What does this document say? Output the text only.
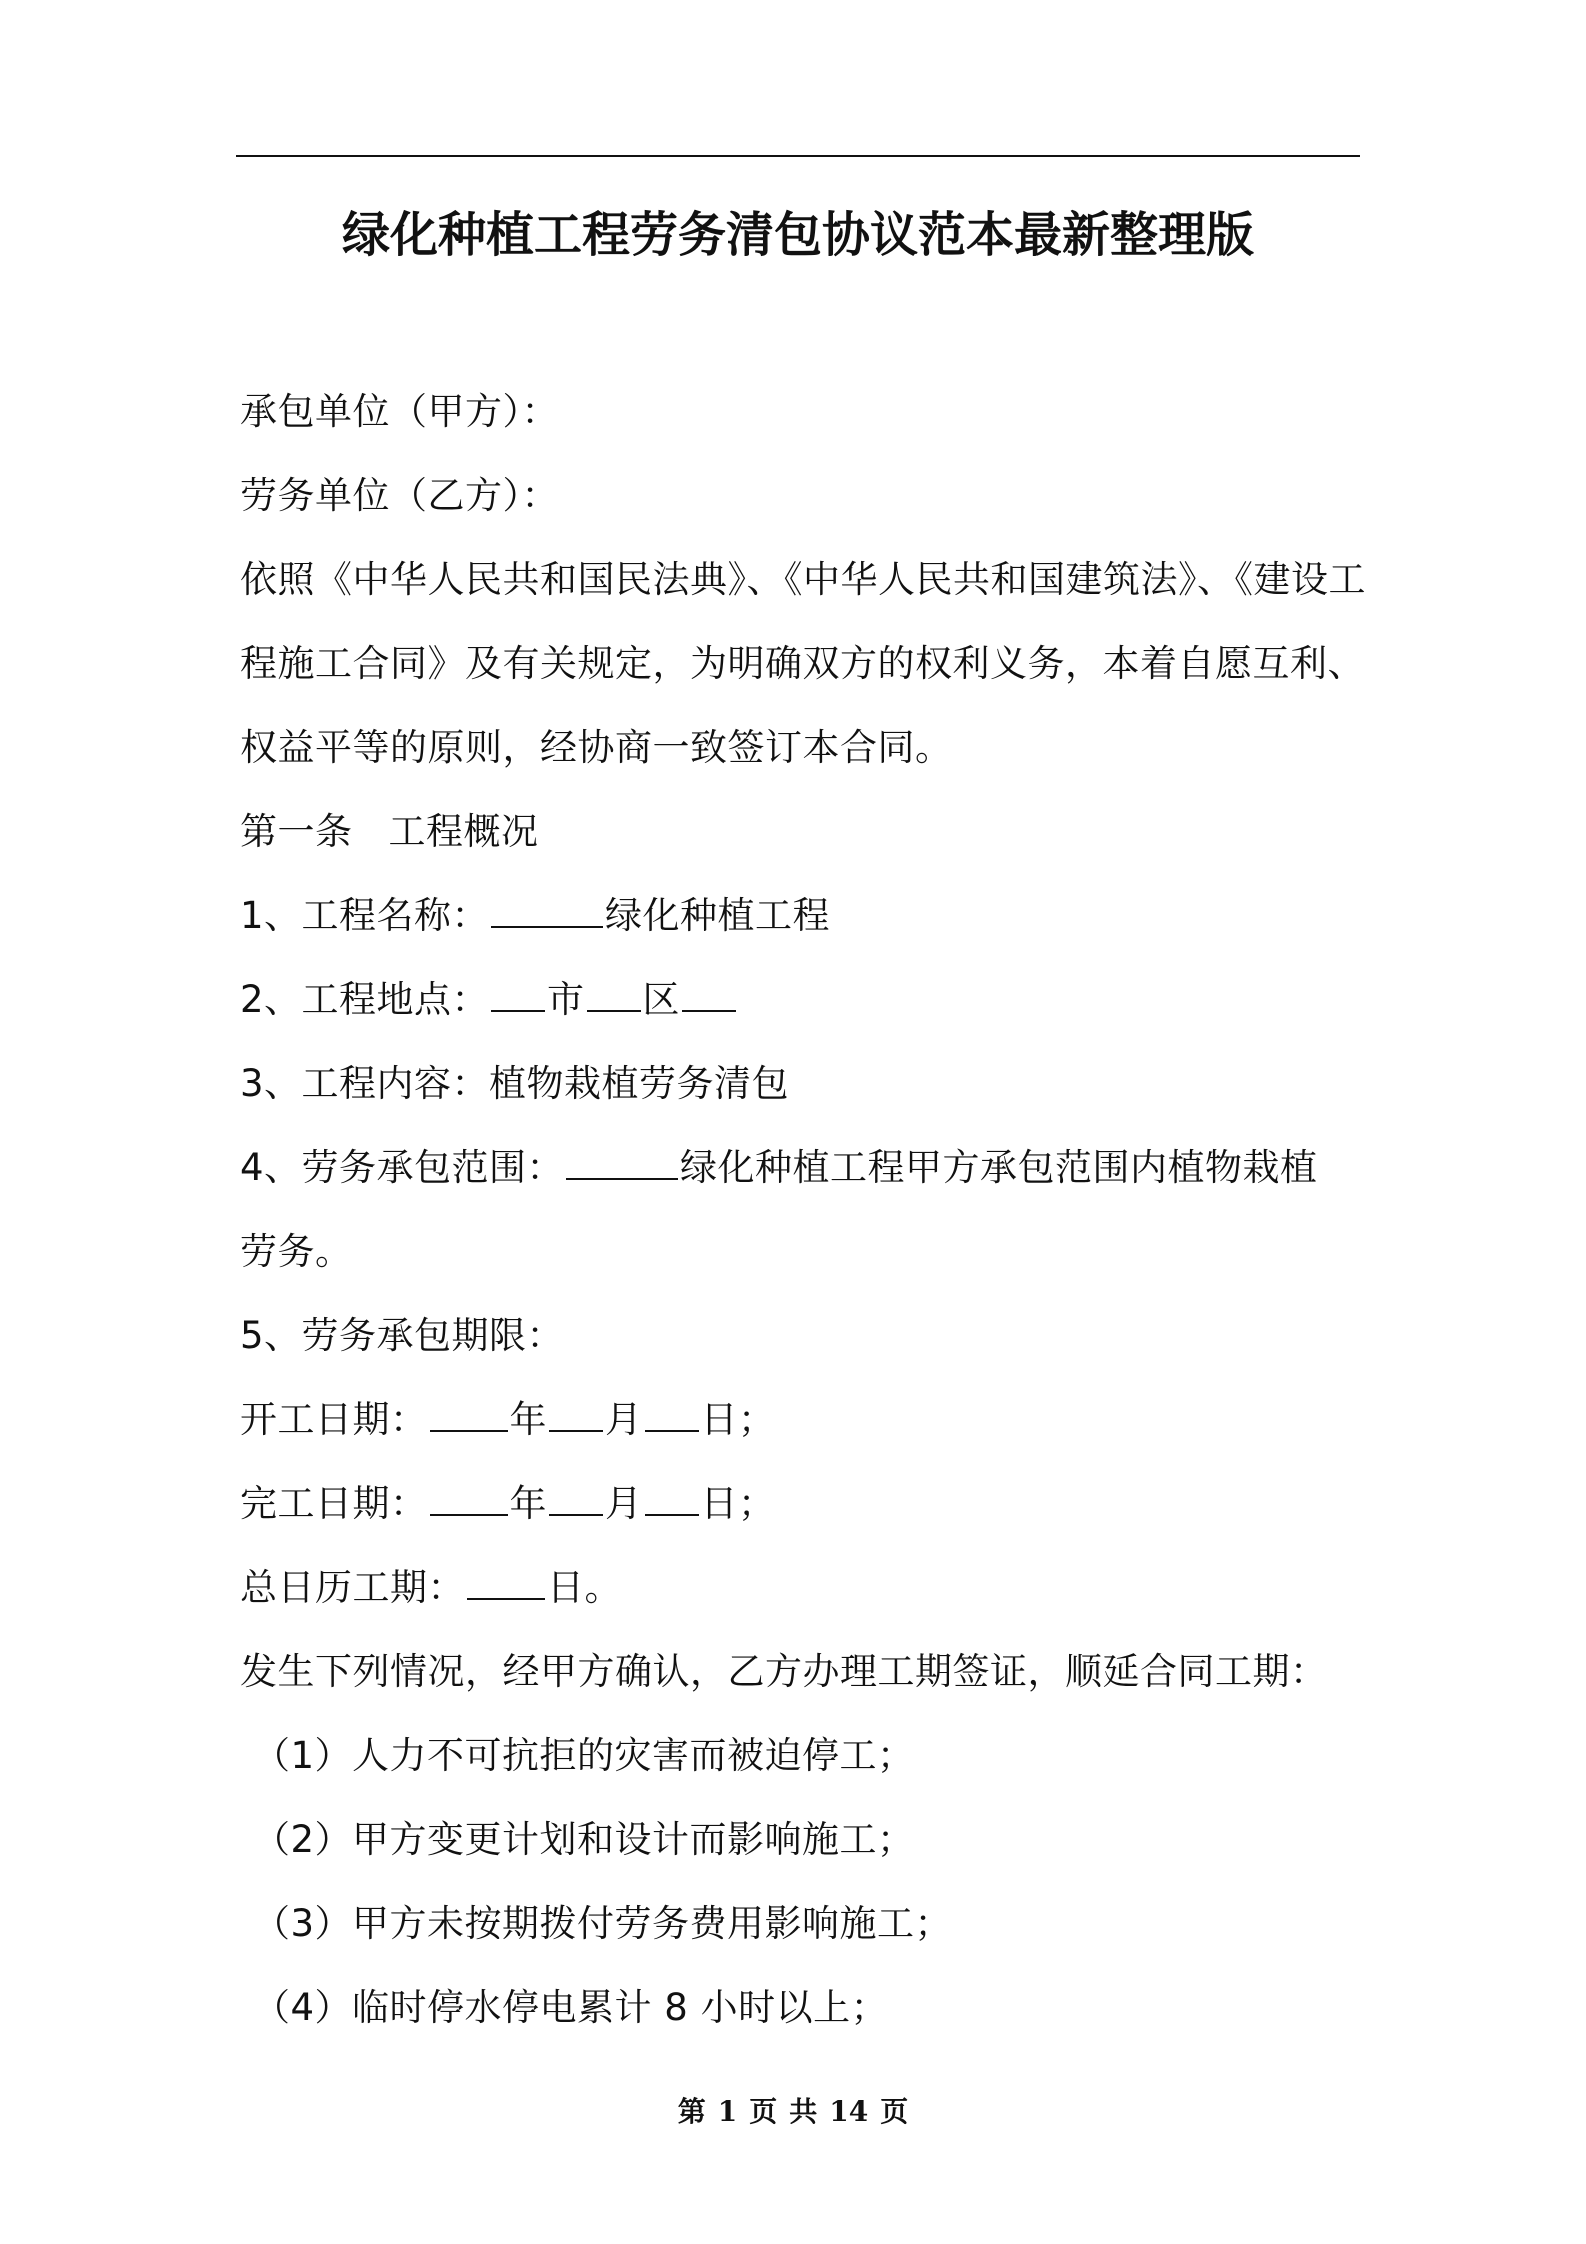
绿化种植工程劳务清包协议范本最新整理版
承包单位（甲方）：
劳务单位（乙方）：
依照《中华人民共和国民法典》、《中华人民共和国建筑法》、《建设工
程施工合同》及有关规定，为明确双方的权利义务，本着自愿互利、
权益平等的原则，经协商一致签订本合同。
第一条 工程概况
1、工程名称：	绿化种植工程
2、工程地点： 市 区
3、工程内容：植物栽植劳务清包
4、劳务承包范围：	绿化种植工程甲方承包范围内植物栽植
劳务。
5、劳务承包期限：
开工日期： 年 月 日；
完工日期： 年 月 日；
总日历工期： 日。
发生下列情况，经甲方确认，乙方办理工期签证，顺延合同工期：
（1）人力不可抗拒的灾害而被迫停工；
（2）甲方变更计划和设计而影响施工；
（3）甲方未按期拨付劳务费用影响施工；
（4）临时停水停电累计 8 小时以上；
第 1 页 共 14 页
